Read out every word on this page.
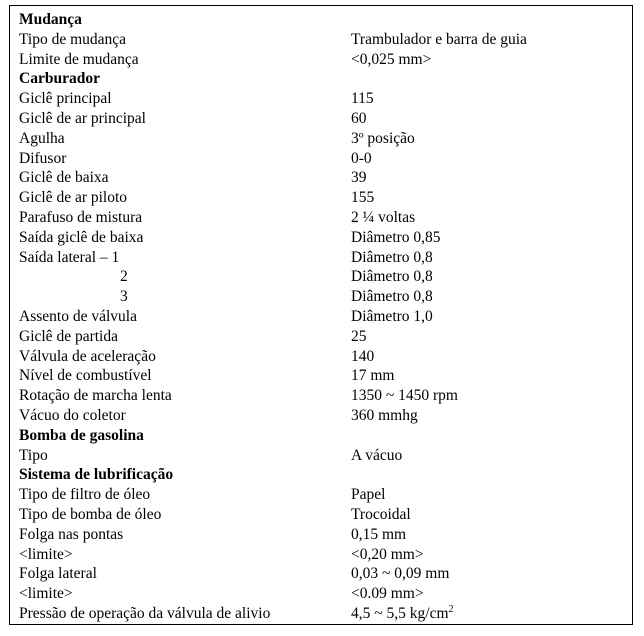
Mudança
Tipo de mudança	Trambulador e barra de guia
Limite de mudança	<0,025 mm>
Carburador
Giclê principal	115
Giclê de ar principal	60
Agulha	3º posição
Difusor	0-0
Giclê de baixa	39
Giclê de ar piloto	155
Parafuso de mistura	2 ¼ voltas
Saída giclê de baixa	Diâmetro 0,85
Saída lateral – 1	Diâmetro 0,8
2	Diâmetro 0,8
3	Diâmetro 0,8
Assento de válvula	Diâmetro 1,0
Giclê de partida	25
Válvula de aceleração	140
Nível de combustível	17 mm
Rotação de marcha lenta	1350 ~ 1450 rpm
Vácuo do coletor	360 mmhg
Bomba de gasolina
Tipo	A vácuo
Sistema de lubrificação
Tipo de filtro de óleo	Papel
Tipo de bomba de óleo	Trocoidal
Folga nas pontas	0,15 mm
<limite>	<0,20 mm>
Folga lateral	0,03 ~ 0,09 mm
<limite>	<0.09 mm>
Pressão de operação da válvula de alivio	4,5 ~ 5,5 $kg/cm^2$
